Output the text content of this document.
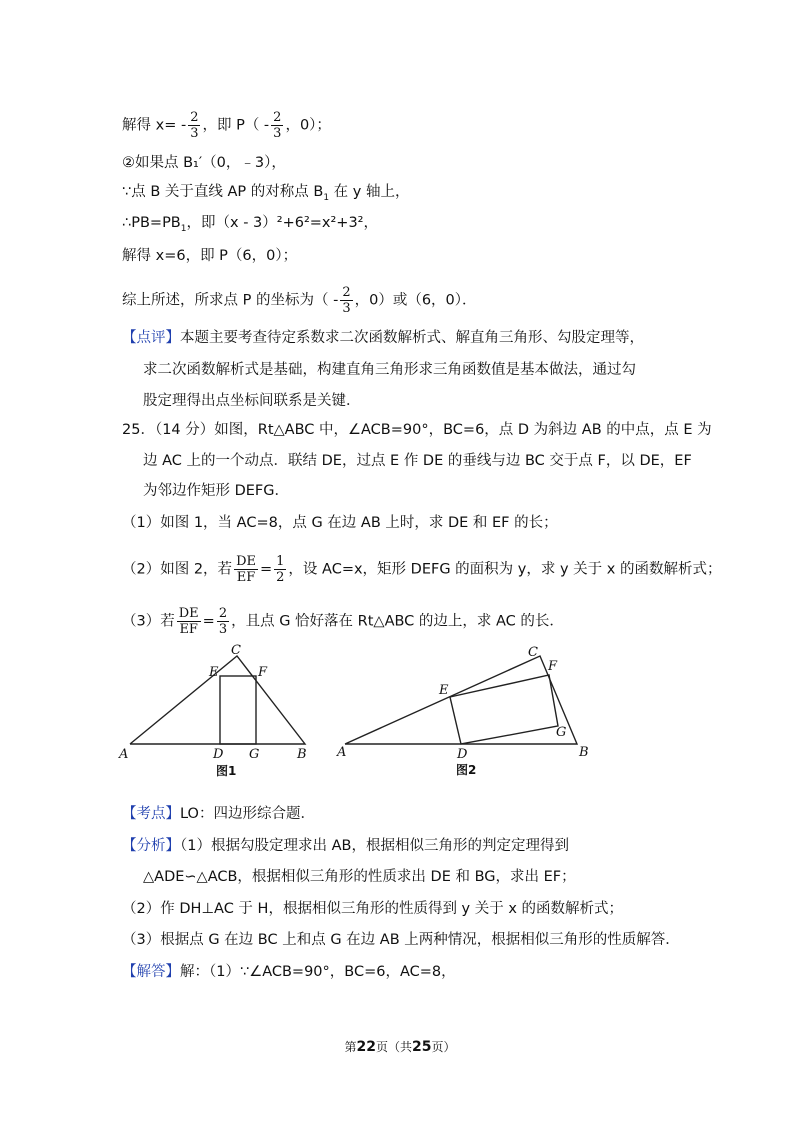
解得 $x= - \frac{2}{3}$ ，即 $P( - \frac{2}{3}$ ，0）；
②如果点 B₁′（0，﹣3），
∵点 B 关于直线 AP 的对称点 $B_1$ 在 y 轴上，
$\therefore PB=PB_1$，即（x - 3）²+6²=x²+3²，
解得 x=6，即 P（6，0）；
综上所述，所求点 P 的坐标为（ - $\frac{2}{3}$ ，0）或（6，0）．
【点评】本题主要考查待定系数求二次函数解析式、解直角三角形、勾股定理等，
求二次函数解析式是基础，构建直角三角形求三角函数值是基本做法，通过勾
股定理得出点坐标间联系是关键．
25．（14 分）如图，Rt△ABC 中，∠ACB=90°，BC=6，点 D 为斜边 AB 的中点，点 E 为
边 AC 上的一个动点．联结 DE，过点 E 作 DE 的垂线与边 BC 交于点 F，以 DE，EF
为邻边作矩形 DEFG．
（1）如图 1，当 AC=8，点 G 在边 AB 上时，求 DE 和 EF 的长；
（2）如图 2，若 $\frac{DE}{EF} = \frac{1}{2}$ ，设 AC=x，矩形 DEFG 的面积为 y，求 y 关于 x 的函数解析式；
（3）若 $\frac{DE}{EF} = \frac{2}{3}$ ，且点 G 恰好落在 Rt△ABC 的边上，求 AC 的长．
A	B
C
D
E	F
G
图1
A	B
C
D
E
F
G
图2
【考点】LO：四边形综合题．
【分析】（1）根据勾股定理求出 AB，根据相似三角形的判定定理得到
△ADE∽△ACB，根据相似三角形的性质求出 DE 和 BG，求出 EF；
（2）作 DH⊥AC 于 H，根据相似三角形的性质得到 y 关于 x 的函数解析式；
（3）根据点 G 在边 BC 上和点 G 在边 AB 上两种情况，根据相似三角形的性质解答．
【解答】解：（1）∵∠ACB=90°，BC=6，AC=8，
第22页（共25页）
